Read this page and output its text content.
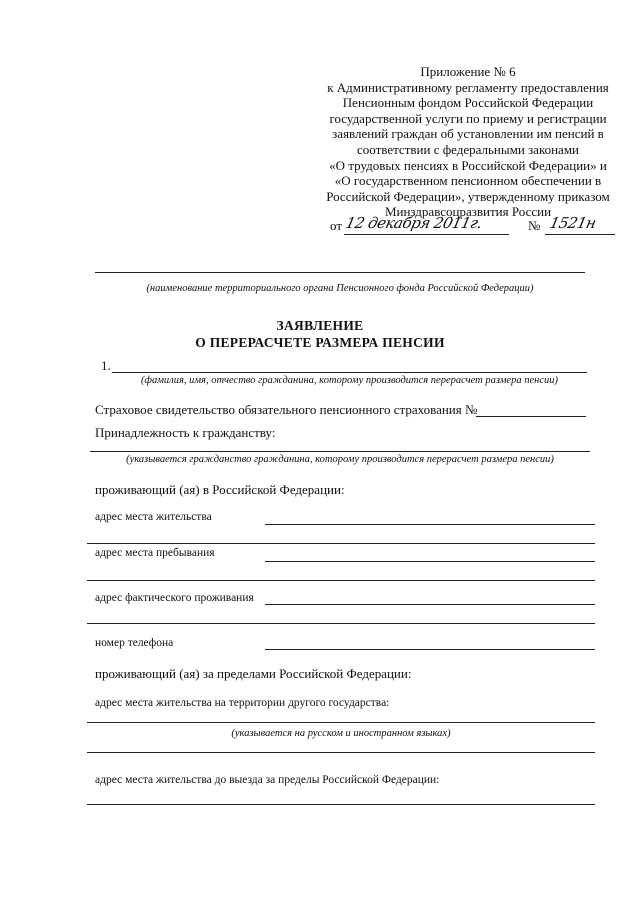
Приложение № 6
к Административному регламенту предоставления
Пенсионным фондом Российской Федерации
государственной услуги по приему и регистрации
заявлений граждан об установлении им пенсий в
соответствии с федеральными законами
«О трудовых пенсиях в Российской Федерации» и
«О государственном пенсионном обеспечении в
Российской Федерации», утвержденному приказом
Минздравсоцразвития России
от 12 декабря 2011г.	№ 1521н
(наименование территориального органа Пенсионного фонда Российской Федерации)
ЗАЯВЛЕНИЕ
О ПЕРЕРАСЧЕТЕ РАЗМЕРА ПЕНСИИ
1.
(фамилия, имя, отчество гражданина, которому производится перерасчет размера пенсии)
Страховое свидетельство обязательного пенсионного страхования №
Принадлежность к гражданству:
(указывается гражданство гражданина, которому производится перерасчет размера пенсии)
проживающий (ая) в Российской Федерации:
адрес места жительства
адрес места пребывания
адрес фактического проживания
номер телефона
проживающий (ая) за пределами Российской Федерации:
адрес места жительства на территории другого государства:
(указывается на русском и иностранном языках)
адрес места жительства до выезда за пределы Российской Федерации:
